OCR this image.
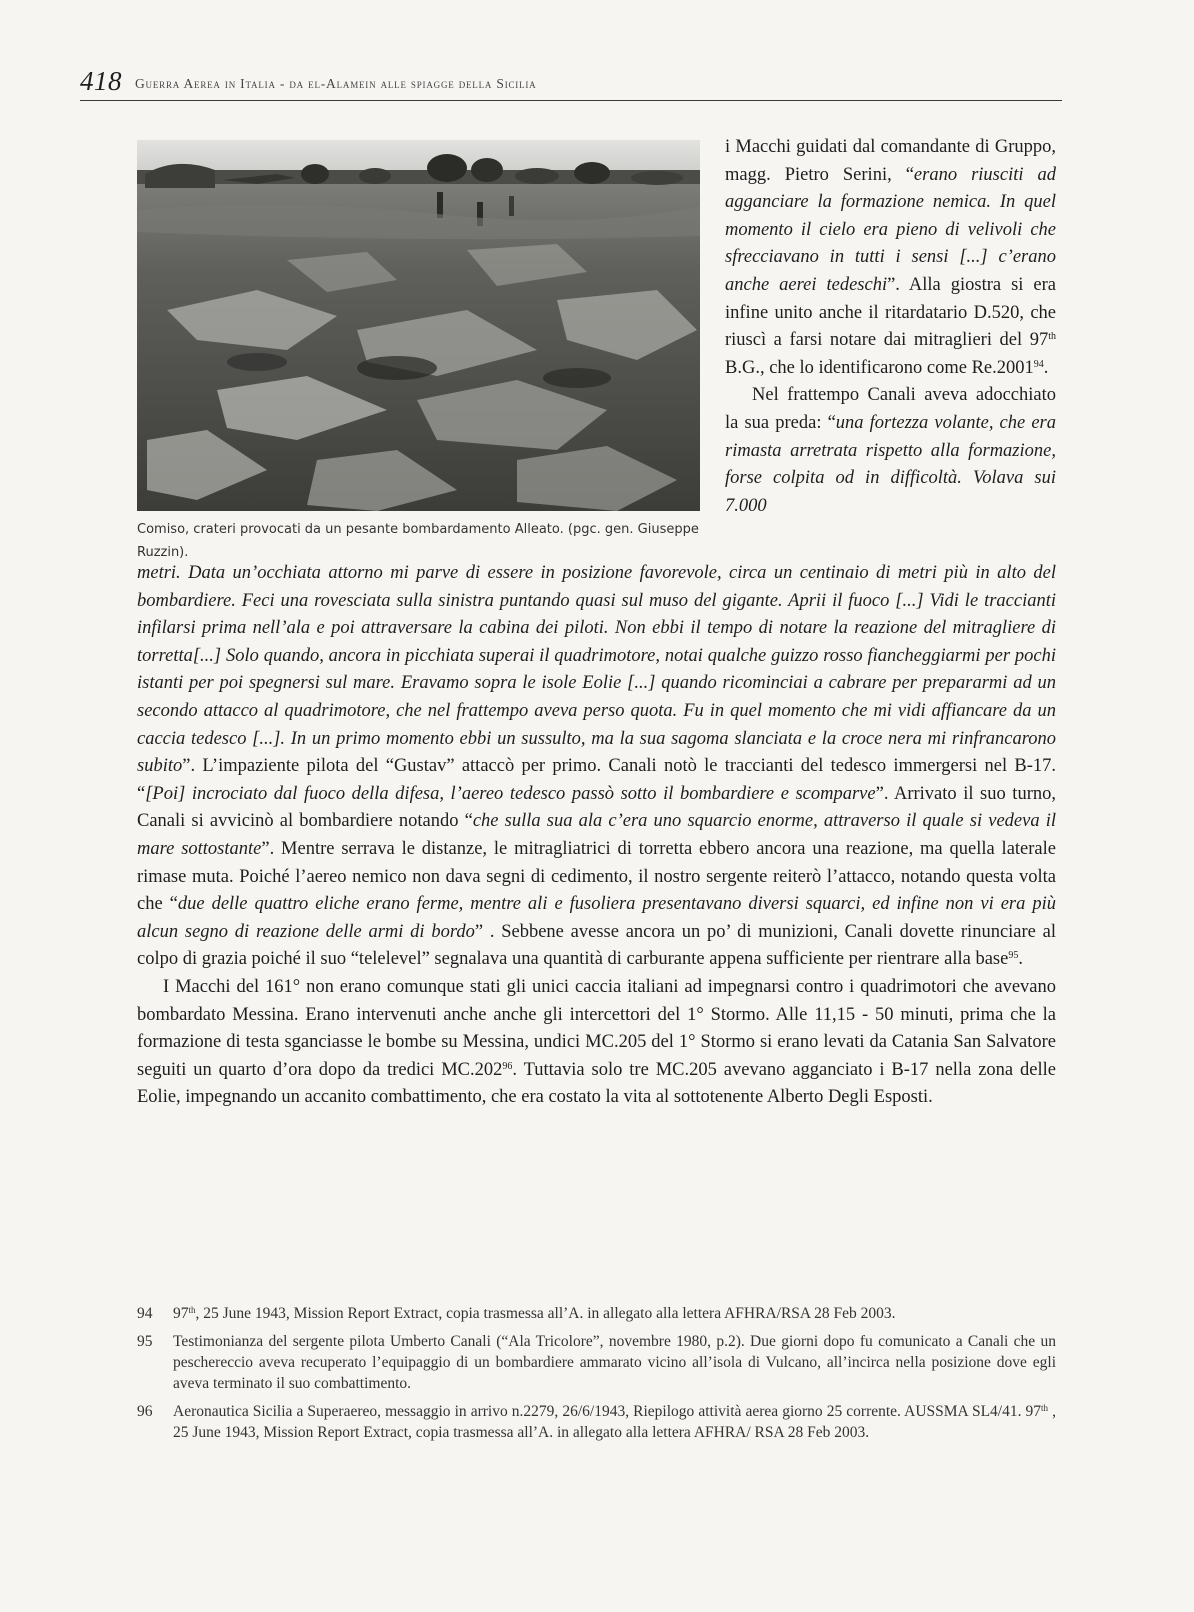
418 Guerra Aerea in Italia - da el-Alamein alle spiagge della Sicilia
Comiso, crateri provocati da un pesante bombardamento Alleato. (pgc. gen. Giuseppe Ruzzin).

i Macchi guidati dal comandante di Gruppo, magg. Pietro Serini, “erano riusciti ad agganciare la formazione nemica. In quel momento il cielo era pieno di velivoli che sfrecciavano in tutti i sensi [...] c’erano anche aerei tedeschi”. Alla giostra si era infine unito anche il ritardatario D.520, che riuscì a farsi notare dai mitraglieri del 97th B.G., che lo identificarono come Re.2001$^{94}$.

Nel frattempo Canali aveva adocchiato la sua preda: “una fortezza volante, che era rimasta arretrata rispetto alla formazione, forse colpita od in difficoltà. Volava sui 7.000

metri. Data un’occhiata attorno mi parve di essere in posizione favorevole, circa un centinaio di metri più in alto del bombardiere. Feci una rovesciata sulla sinistra puntando quasi sul muso del gigante. Aprii il fuoco [...] Vidi le traccianti infilarsi prima nell’ala e poi attraversare la cabina dei piloti. Non ebbi il tempo di notare la reazione del mitragliere di torretta[...] Solo quando, ancora in picchiata superai il quadrimotore, notai qualche guizzo rosso fiancheggiarmi per pochi istanti per poi spegnersi sul mare. Eravamo sopra le isole Eolie [...] quando ricominciai a cabrare per prepararmi ad un secondo attacco al quadrimotore, che nel frattempo aveva perso quota. Fu in quel momento che mi vidi affiancare da un caccia tedesco [...]. In un primo momento ebbi un sussulto, ma la sua sagoma slanciata e la croce nera mi rinfrancarono subito”. L’impaziente pilota del “Gustav” attaccò per primo. Canali notò le traccianti del tedesco immergersi nel B-17. “[Poi] incrociato dal fuoco della difesa, l’aereo tedesco passò sotto il bombardiere e scomparve”. Arrivato il suo turno, Canali si avvicinò al bombardiere notando “che sulla sua ala c’era uno squarcio enorme, attraverso il quale si vedeva il mare sottostante”. Mentre serrava le distanze, le mitragliatrici di torretta ebbero ancora una reazione, ma quella laterale rimase muta. Poiché l’aereo nemico non dava segni di cedimento, il nostro sergente reiterò l’attacco, notando questa volta che “due delle quattro eliche erano ferme, mentre ali e fusoliera presentavano diversi squarci, ed infine non vi era più alcun segno di reazione delle armi di bordo” . Sebbene avesse ancora un po’ di munizioni, Canali dovette rinunciare al colpo di grazia poiché il suo “telelevel” segnalava una quantità di carburante appena sufficiente per rientrare alla base$^{95}$.

I Macchi del 161° non erano comunque stati gli unici caccia italiani ad impegnarsi contro i quadrimotori che avevano bombardato Messina. Erano intervenuti anche anche gli intercettori del 1° Stormo. Alle 11,15 - 50 minuti, prima che la formazione di testa sganciasse le bombe su Messina, undici MC.205 del 1° Stormo si erano levati da Catania San Salvatore seguiti un quarto d’ora dopo da tredici MC.202$^{96}$. Tuttavia solo tre MC.205 avevano agganciato i B-17 nella zona delle Eolie, impegnando un accanito combattimento, che era costato la vita al sottotenente Alberto Degli Esposti.

94 97th, 25 June 1943, Mission Report Extract, copia trasmessa all’A. in allegato alla lettera AFHRA/RSA 28 Feb 2003.
95 Testimonianza del sergente pilota Umberto Canali (“Ala Tricolore”, novembre 1980, p.2). Due giorni dopo fu comunicato a Canali che un peschereccio aveva recuperato l’equipaggio di un bombardiere ammarato vicino all’isola di Vulcano, all’incirca nella posizione dove egli aveva terminato il suo combattimento.
96 Aeronautica Sicilia a Superaereo, messaggio in arrivo n.2279, 26/6/1943, Riepilogo attività aerea giorno 25 corrente. AUSSMA SL4/41. 97th , 25 June 1943, Mission Report Extract, copia trasmessa all’A. in allegato alla lettera AFHRA/ RSA 28 Feb 2003.
